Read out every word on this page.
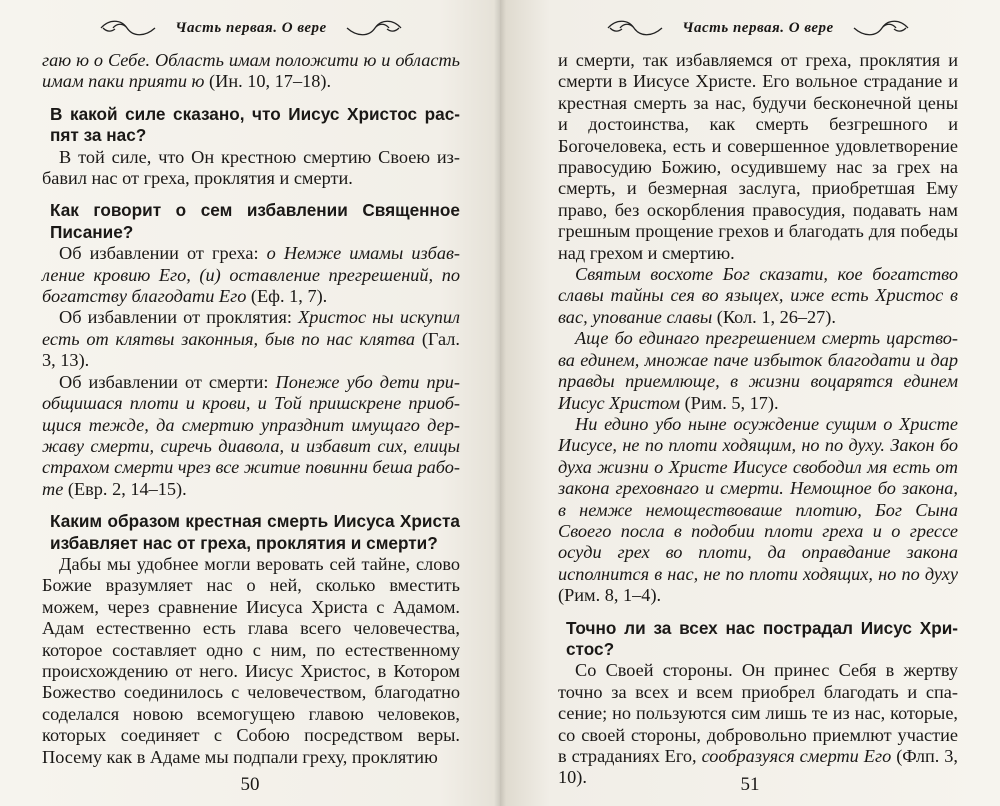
Часть первая. О вере

гаю ю о Себе. Область имам положити ю и область имам паки прияти ю (Ин. 10, 17–18).

В какой силе сказано, что Иисус Христос распят за нас?

В той силе, что Он крестною смертию Своею избавил нас от греха, проклятия и смерти.

Как говорит о сем избавлении Священное Писание?

Об избавлении от греха: о Немже имамы избавление кровию Его, (и) оставление прегрешений, по богатству благодати Его (Еф. 1, 7).

Об избавлении от проклятия: Христос ны искупил есть от клятвы законныя, быв по нас клятва (Гал. 3, 13).

Об избавлении от смерти: Понеже убо дети приобщишася плоти и крови, и Той пришскрене приобщися тежде, да смертию упразднит имущаго державу смерти, сиречь диавола, и избавит сих, елицы страхом смерти чрез все житие повинни беша работе (Евр. 2, 14–15).

Каким образом крестная смерть Иисуса Христа избавляет нас от греха, проклятия и смерти?

Дабы мы удобнее могли веровать сей тайне, слово Божие вразумляет нас о ней, сколько вместить можем, через сравнение Иисуса Христа с Адамом. Адам естественно есть глава всего человечества, которое составляет одно с ним, по естественному происхождению от него. Иисус Христос, в Котором Божество соединилось с человечеством, благодатно соделался новою всемогущею главою человеков, которых соединяет с Собою посредством веры. Посему как в Адаме мы подпали греху, проклятию

50
Часть первая. О вере

и смерти, так избавляемся от греха, проклятия и смерти в Иисусе Христе. Его вольное страдание и крестная смерть за нас, будучи бесконечной цены и достоинства, как смерть безгрешного и Богочеловека, есть и совершенное удовлетворение правосудию Божию, осудившему нас за грех на смерть, и безмерная заслуга, приобретшая Ему право, без оскорбления правосудия, подавать нам грешным прощение грехов и благодать для победы над грехом и смертию.

Святым восхоте Бог сказати, кое богатство славы тайны сея во языцех, иже есть Христос в вас, упование славы (Кол. 1, 26–27).

Аще бо единаго прегрешением смерть царствова единем, множае паче избыток благодати и дар правды приемлюще, в жизни воцарятся единем Иисус Христом (Рим. 5, 17).

Ни едино убо ныне осуждение сущим о Христе Иисусе, не по плоти ходящим, но по духу. Закон бо духа жизни о Христе Иисусе свободил мя есть от закона греховнаго и смерти. Немощное бо закона, в немже немоществоваше плотию, Бог Сына Своего посла в подобии плоти греха и о грессе осуди грех во плоти, да оправдание закона исполнится в нас, не по плоти ходящих, но по духу (Рим. 8, 1–4).

Точно ли за всех нас пострадал Иисус Христос?

Со Своей стороны. Он принес Себя в жертву точно за всех и всем приобрел благодать и спасение; но пользуются сим лишь те из нас, которые, со своей стороны, добровольно приемлют участие в страданиях Его, сообразуяся смерти Его (Флп. 3, 10).	51
